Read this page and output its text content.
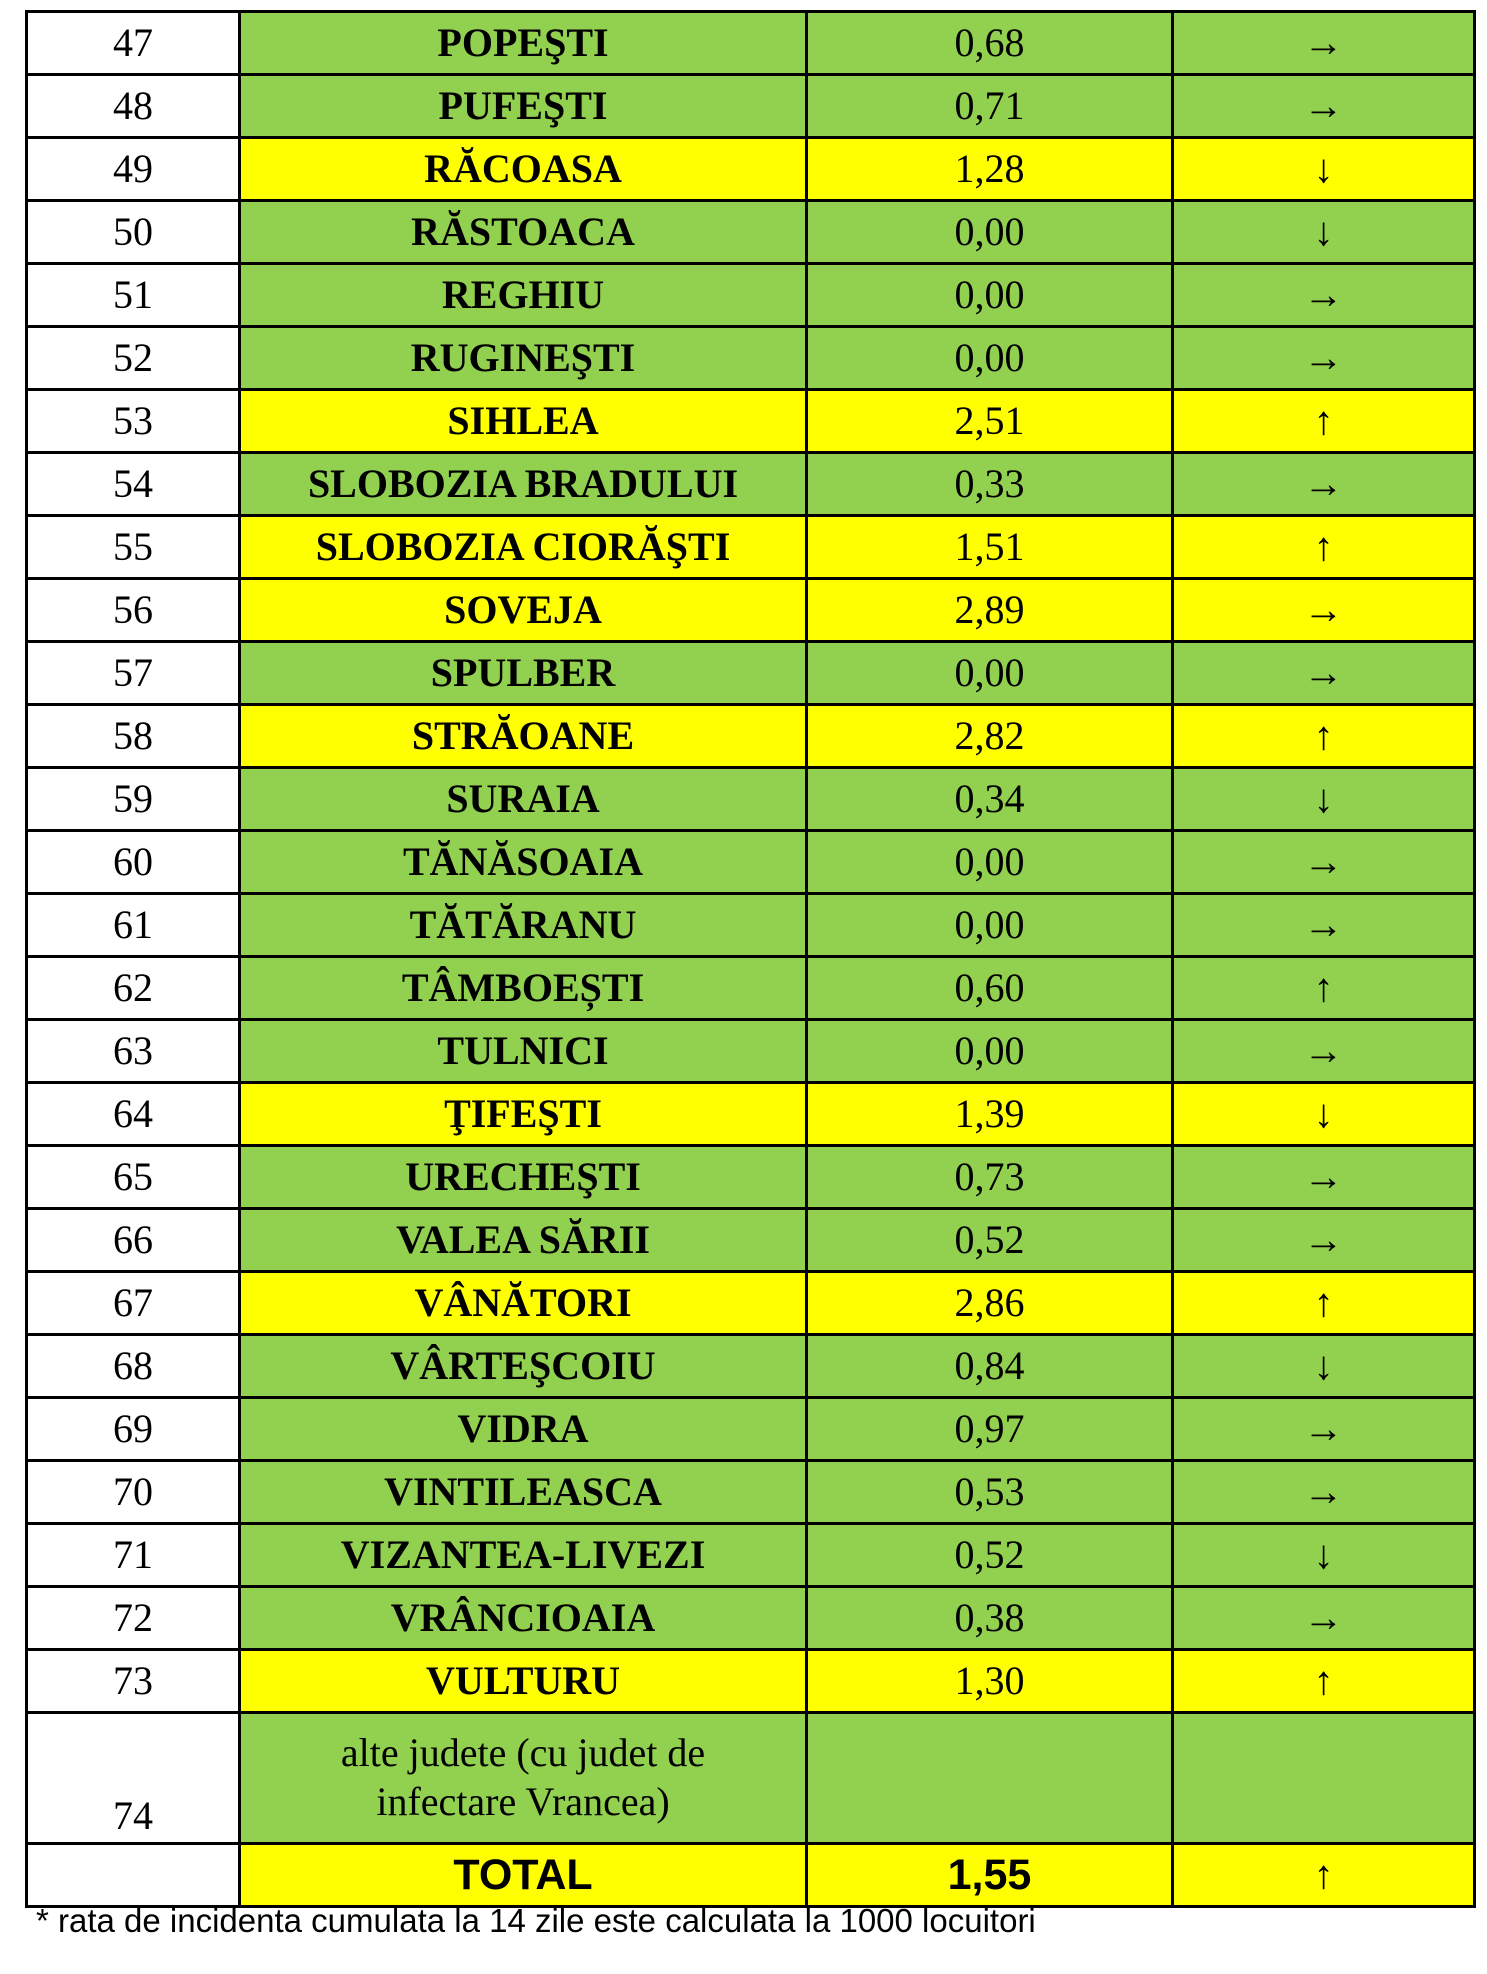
47	POPEŞTI	0,68	→
48	PUFEŞTI	0,71	→
49	RĂCOASA	1,28	↓
50	RĂSTOACA	0,00	↓
51	REGHIU	0,00	→
52	RUGINEŞTI	0,00	→
53	SIHLEA	2,51	↑
54	SLOBOZIA BRADULUI	0,33	→
55	SLOBOZIA CIORĂŞTI	1,51	↑
56	SOVEJA	2,89	→
57	SPULBER	0,00	→
58	STRĂOANE	2,82	↑
59	SURAIA	0,34	↓
60	TĂNĂSOAIA	0,00	→
61	TĂTĂRANU	0,00	→
62	TÂMBOEȘTI	0,60	↑
63	TULNICI	0,00	→
64	ŢIFEŞTI	1,39	↓
65	URECHEŞTI	0,73	→
66	VALEA SĂRII	0,52	→
67	VÂNĂTORI	2,86	↑
68	VÂRTEŞCOIU	0,84	↓
69	VIDRA	0,97	→
70	VINTILEASCA	0,53	→
71	VIZANTEA-LIVEZI	0,52	↓
72	VRÂNCIOAIA	0,38	→
73	VULTURU	1,30	↑
74	alte judete (cu judet de
infectare Vrancea)		
	TOTAL	1,55	↑
* rata de incidenta cumulata la 14 zile este calculata la 1000 locuitori
